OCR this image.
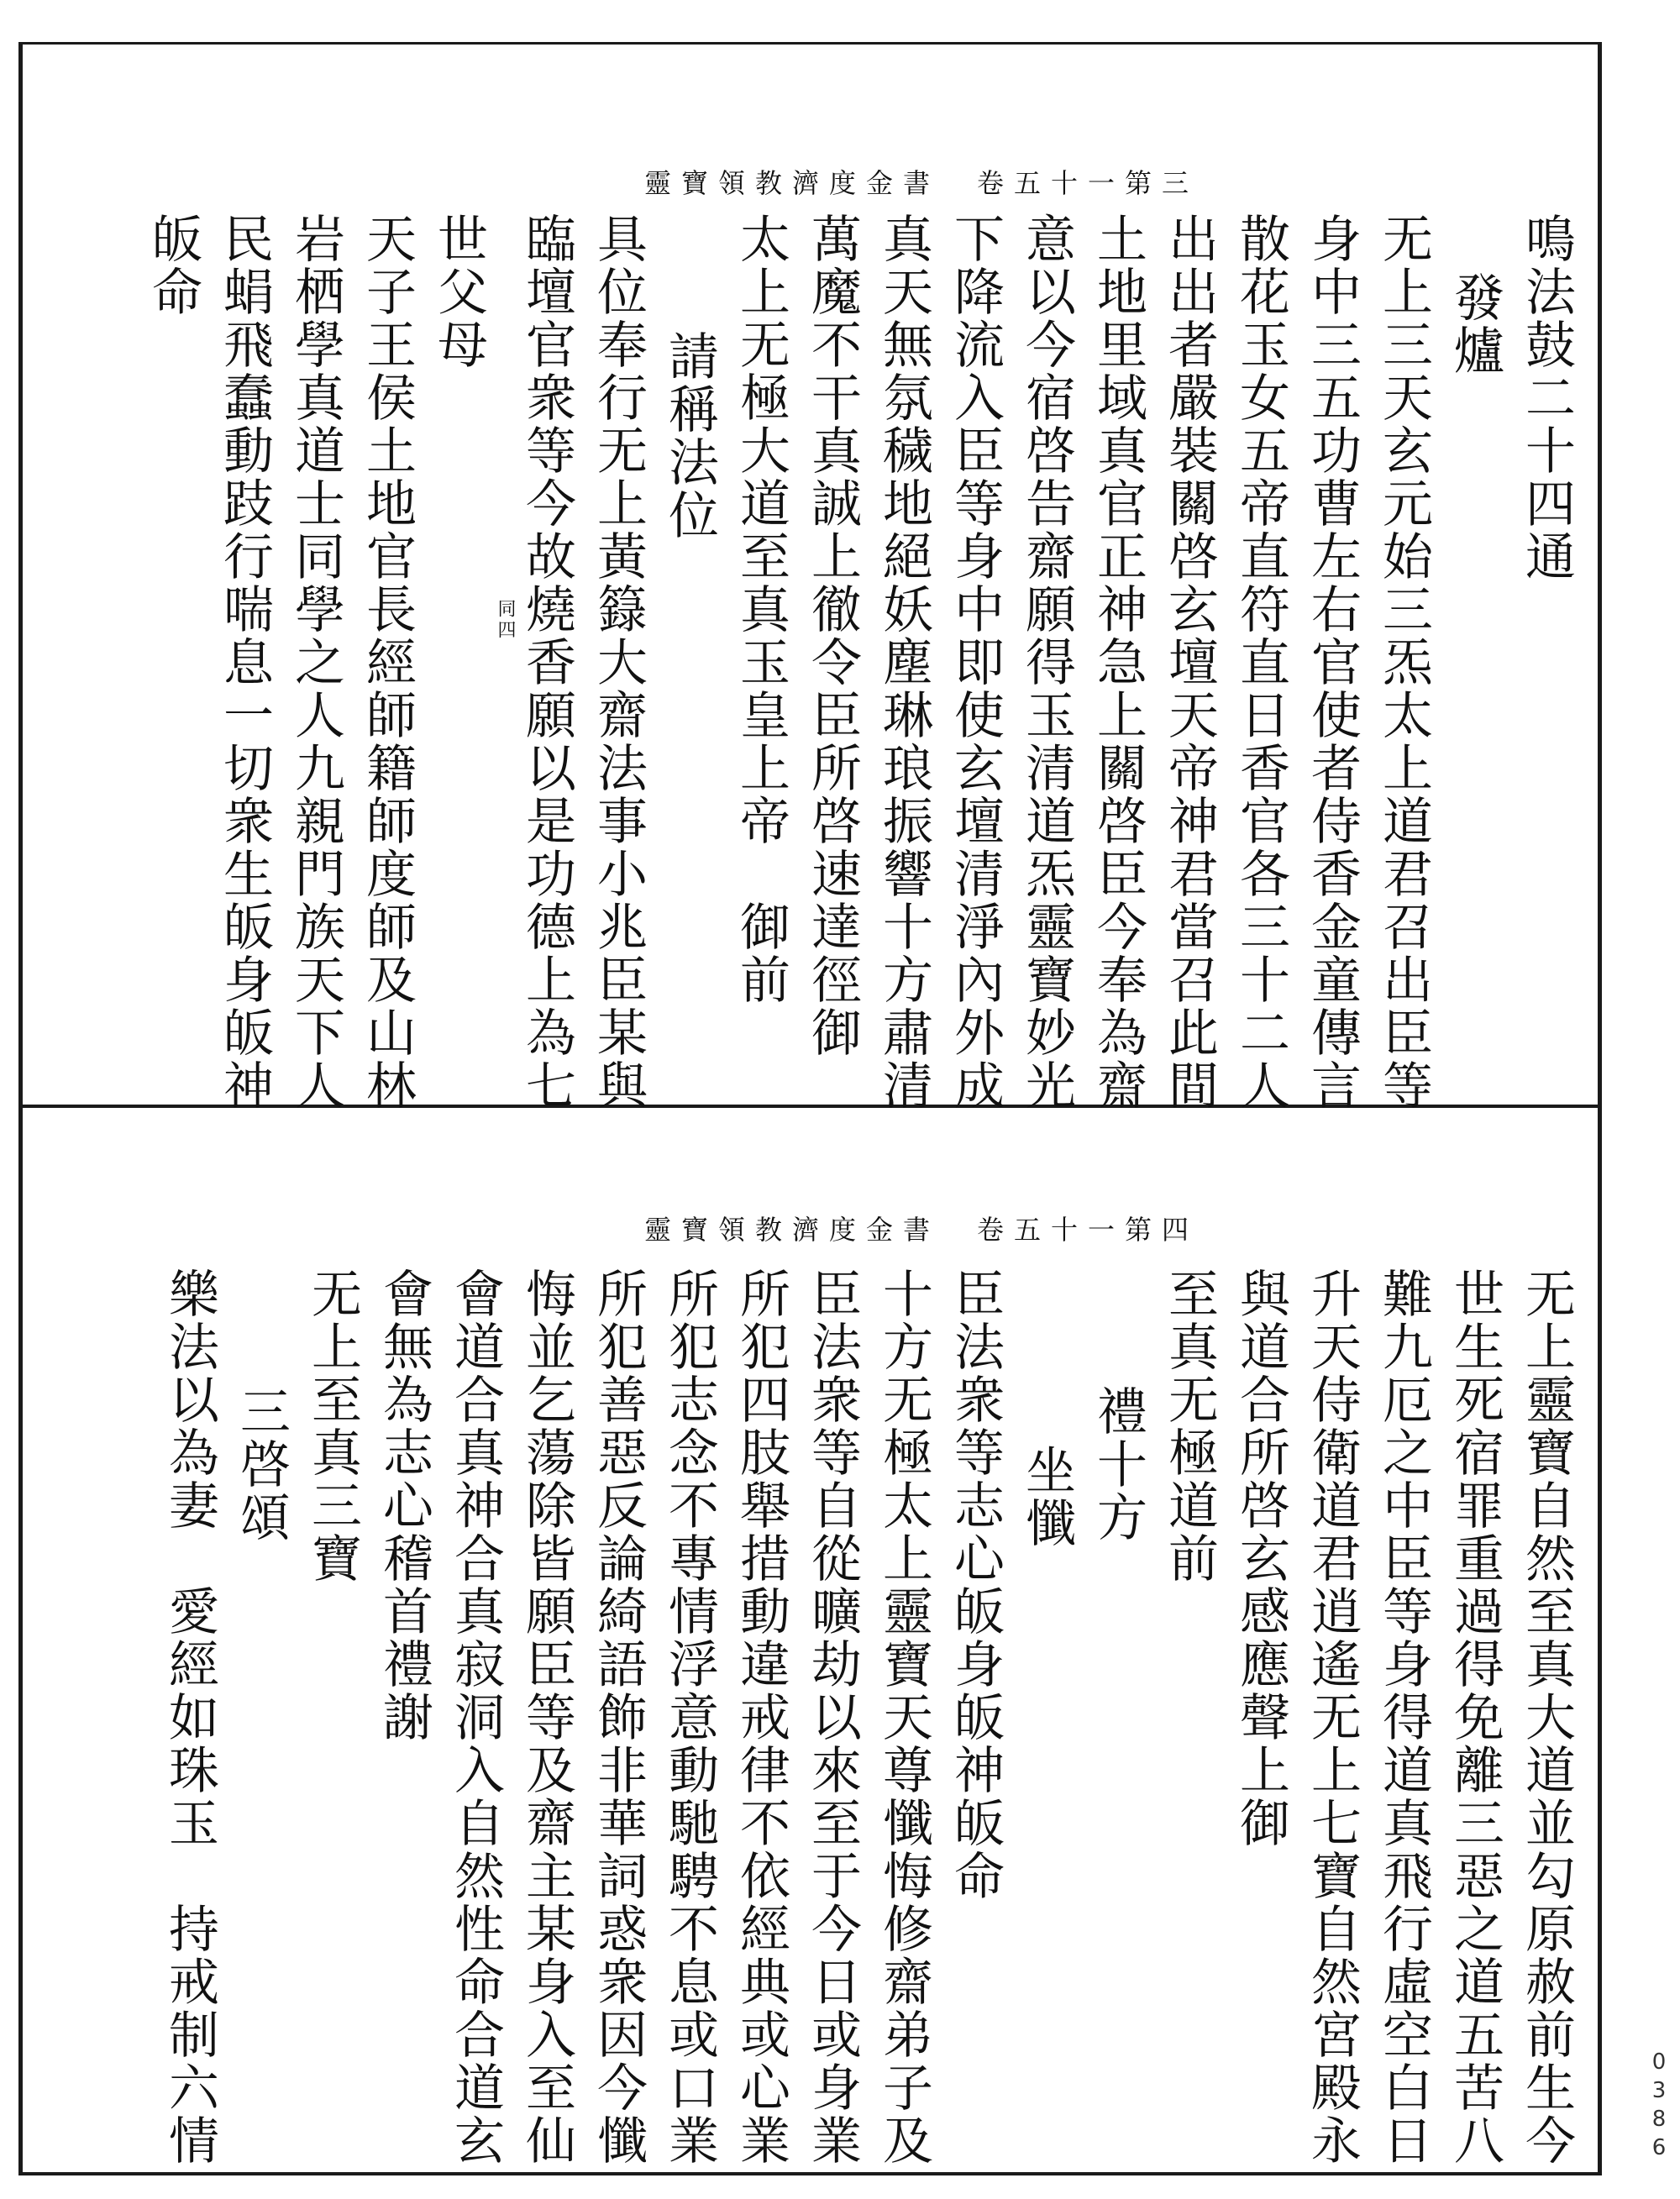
靈寶領教濟度金書　卷五十一第三
鳴法鼓二十四通
發爐
无上三天玄元始三炁太上道君召出臣等
身中三五功曹左右官使者侍香金童傳言
散花玉女五帝直符直日香官各三十二人
出出者嚴裝關啓玄壇天帝神君當召此間
土地里域真官正神急上關啓臣今奉為齋
意以今宿啓告齋願得玉清道炁靈寶妙光
下降流入臣等身中即使玄壇清淨內外成
真天無氛穢地絕妖塵琳琅振響十方肅清
萬魔不干真誠上徹令臣所啓速達徑御
太上无極大道至真玉皇上帝　御前
請稱法位
具位奉行无上黃籙大齋法事小兆臣某與
臨壇官衆等今故燒香願以是功德上為七
同四
世父母
天子王侯土地官長經師籍師度師及山林
岩栖學真道士同學之人九親門族天下人
民蜎飛蠢動跂行喘息一切衆生皈身皈神
皈命
靈寶領教濟度金書　卷五十一第四
无上靈寶自然至真大道並勾原赦前生今
世生死宿罪重過得免離三惡之道五苦八
難九厄之中臣等身得道真飛行虛空白日
升天侍衛道君逍遙无上七寶自然宮殿永
與道合所啓玄感應聲上御
至真无極道前
禮十方
坐懺
臣法衆等志心皈身皈神皈命
十方无極太上靈寶天尊懺悔修齋弟子及
臣法衆等自從曠劫以來至于今日或身業
所犯四肢舉措動違戒律不依經典或心業
所犯志念不專情浮意動馳騁不息或口業
所犯善惡反論綺語飾非華詞惑衆因今懺
悔並乞蕩除皆願臣等及齋主某身入至仙
會道合真神合真寂洞入自然性命合道玄
會無為志心稽首禮謝
无上至真三寶
三啓頌
樂法以為妻　愛經如珠玉　持戒制六情	0386
